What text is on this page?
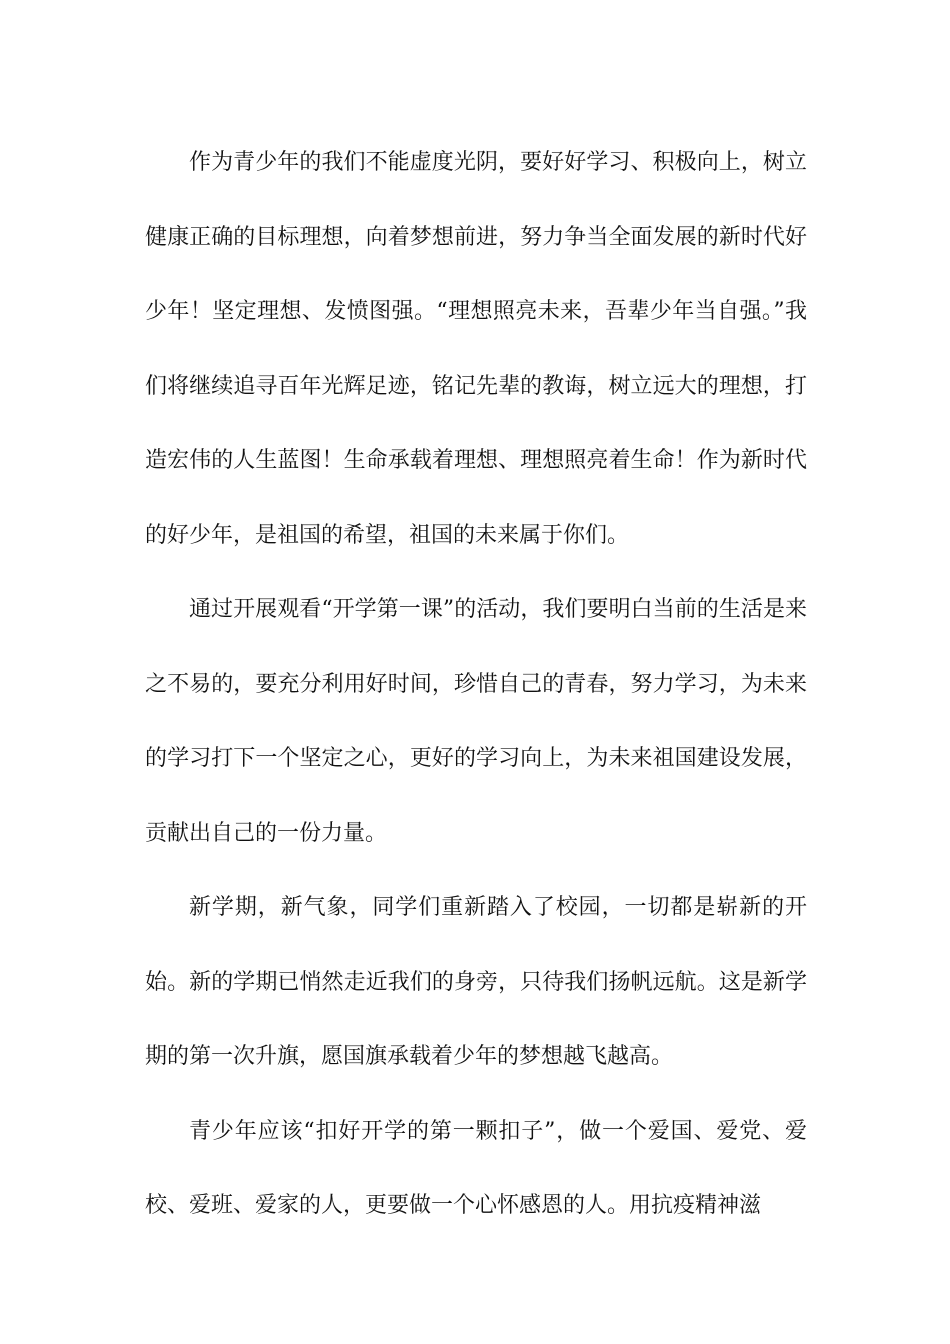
作为青少年的我们不能虚度光阴，要好好学习、积极向上，树立健康正确的目标理想，向着梦想前进，努力争当全面发展的新时代好少年！坚定理想、发愤图强。“理想照亮未来，吾辈少年当自强。”我们将继续追寻百年光辉足迹，铭记先辈的教诲，树立远大的理想，打造宏伟的人生蓝图！生命承载着理想、理想照亮着生命！作为新时代的好少年，是祖国的希望，祖国的未来属于你们。

通过开展观看“开学第一课”的活动，我们要明白当前的生活是来之不易的，要充分利用好时间，珍惜自己的青春，努力学习，为未来的学习打下一个坚定之心，更好的学习向上，为未来祖国建设发展，贡献出自己的一份力量。

新学期，新气象，同学们重新踏入了校园，一切都是崭新的开始。新的学期已悄然走近我们的身旁，只待我们扬帆远航。这是新学期的第一次升旗，愿国旗承载着少年的梦想越飞越高。

青少年应该“扣好开学的第一颗扣子”，做一个爱国、爱党、爱校、爱班、爱家的人，更要做一个心怀感恩的人。用抗疫精神滋
